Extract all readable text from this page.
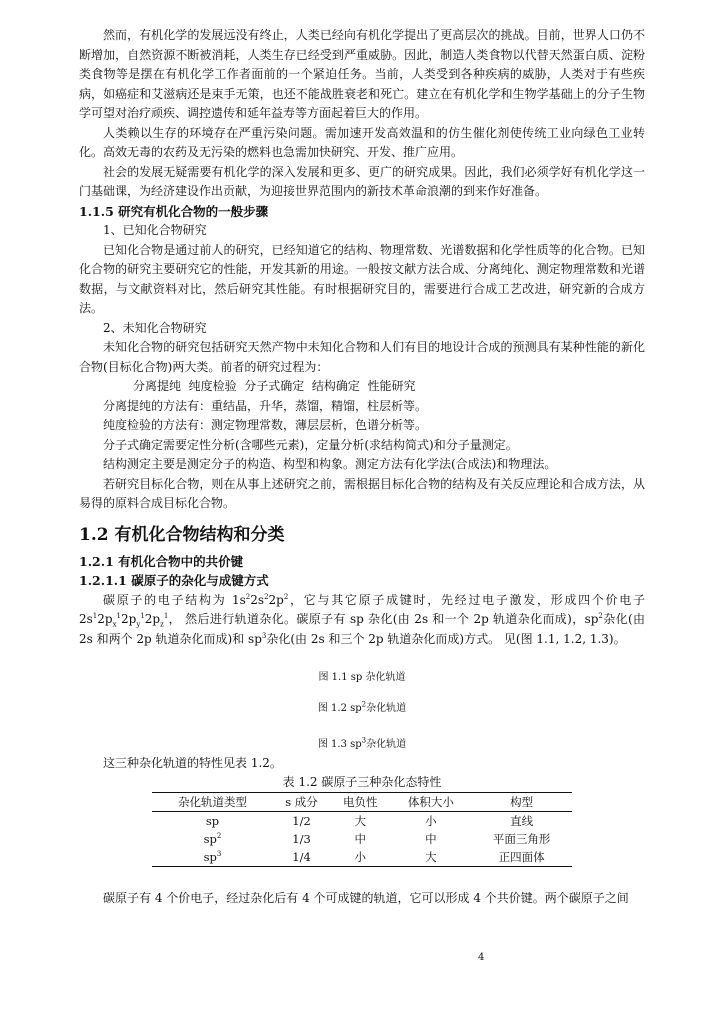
然而，有机化学的发展远没有终止，人类已经向有机化学提出了更高层次的挑战。目前，世界人口仍不断增加，自然资源不断被消耗，人类生存已经受到严重威胁。因此，制造人类食物以代替天然蛋白质、淀粉类食物等是摆在有机化学工作者面前的一个紧迫任务。当前，人类受到各种疾病的威胁，人类对于有些疾病，如癌症和艾滋病还是束手无策，也还不能战胜衰老和死亡。建立在有机化学和生物学基础上的分子生物学可望对治疗顽疾、调控遗传和延年益寿等方面起着巨大的作用。

人类赖以生存的环境存在严重污染问题。需加速开发高效温和的仿生催化剂使传统工业向绿色工业转化。高效无毒的农药及无污染的燃料也急需加快研究、开发、推广应用。

社会的发展无疑需要有机化学的深入发展和更多、更广的研究成果。因此，我们必须学好有机化学这一门基础课，为经济建设作出贡献，为迎接世界范围内的新技术革命浪潮的到来作好准备。

1.1.5 研究有机化合物的一般步骤

1、已知化合物研究

已知化合物是通过前人的研究，已经知道它的结构、物理常数、光谱数据和化学性质等的化合物。已知化合物的研究主要研究它的性能，开发其新的用途。一般按文献方法合成、分离纯化、测定物理常数和光谱数据，与文献资料对比，然后研究其性能。有时根据研究目的，需要进行合成工艺改进，研究新的合成方法。

2、未知化合物研究

未知化合物的研究包括研究天然产物中未知化合物和人们有目的地设计合成的预测具有某种性能的新化合物(目标化合物)两大类。前者的研究过程为：

分离提纯  纯度检验  分子式确定  结构确定  性能研究

分离提纯的方法有：重结晶，升华，蒸馏，精馏，柱层析等。

纯度检验的方法有：测定物理常数，薄层层析，色谱分析等。

分子式确定需要定性分析(含哪些元素)，定量分析(求结构简式)和分子量测定。

结构测定主要是测定分子的构造、构型和构象。测定方法有化学法(合成法)和物理法。

若研究目标化合物，则在从事上述研究之前，需根据目标化合物的结构及有关反应理论和合成方法，从易得的原料合成目标化合物。

1.2 有机化合物结构和分类
1.2.1 有机化合物中的共价键
1.2.1.1 碳原子的杂化与成键方式

碳原子的电子结构为 $1s^22s^22p^2$，它与其它原子成键时，先经过电子激发，形成四个价电子 $2s^12p_x^12p_y^12p_z^1$， 然后进行轨道杂化。碳原子有 sp 杂化(由 2s 和一个 2p 轨道杂化而成)，$sp^2$杂化(由 2s 和两个 2p 轨道杂化而成)和 $sp^3$杂化(由 2s 和三个 2p 轨道杂化而成)方式。 见(图 1.1, 1.2, 1.3)。

图 1.1 sp 杂化轨道

图 1.2 $sp^2$杂化轨道

图 1.3 $sp^3$杂化轨道

这三种杂化轨道的特性见表 1.2。

表 1.2 碳原子三种杂化态特性

杂化轨道类型	s 成分	电负性	体积大小	构型
sp	1/2	大	小	直线
$sp^2$	1/3	中	中	平面三角形
$sp^3$	1/4	小	大	正四面体

碳原子有 4 个价电子，经过杂化后有 4 个可成键的轨道，它可以形成 4 个共价键。两个碳原子之间

4
